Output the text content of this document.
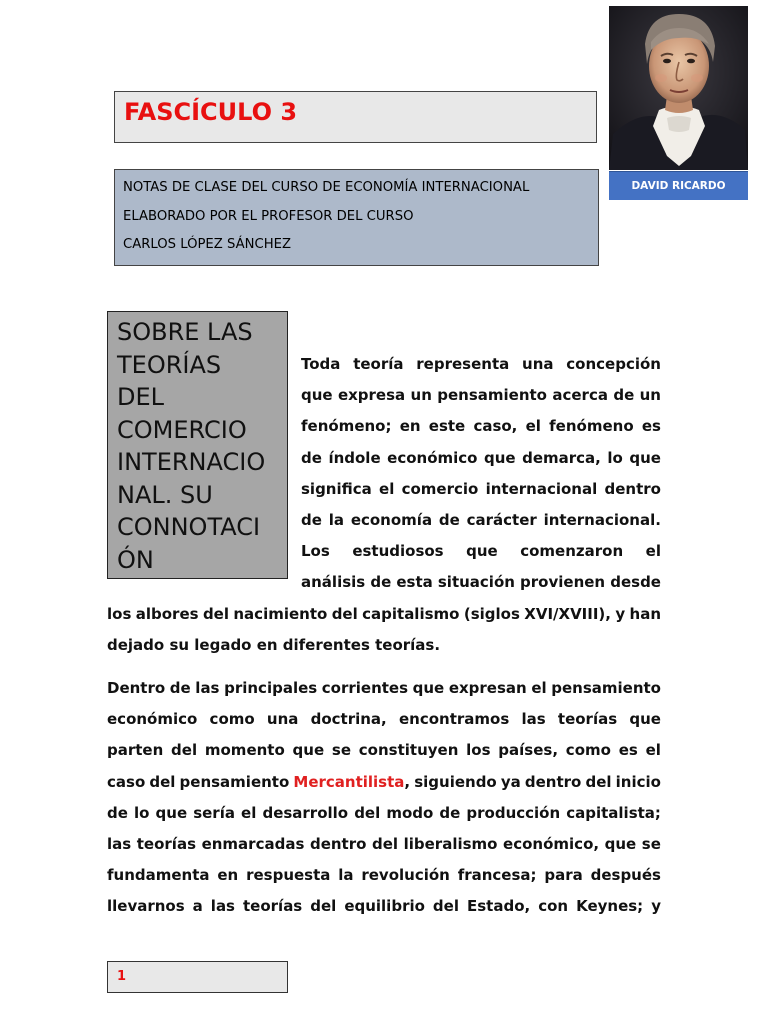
FASCÍCULO 3
NOTAS DE CLASE DEL CURSO DE ECONOMÍA INTERNACIONAL
ELABORADO POR EL PROFESOR DEL CURSO
CARLOS LÓPEZ SÁNCHEZ
DAVID RICARDO
SOBRE LAS
TEORÍAS
DEL
COMERCIO
INTERNACIO
NAL. SU
CONNOTACI
ÓN
Toda teoría representa una concepción
que expresa un pensamiento acerca de un
fenómeno; en este caso, el fenómeno es
de índole económico que demarca, lo que
significa el comercio internacional dentro
de la economía de carácter internacional.
Los estudiosos que comenzaron el
análisis de esta situación provienen desde
los albores del nacimiento del capitalismo (siglos XVI/XVIII), y han
dejado su legado en diferentes teorías.
Dentro de las principales corrientes que expresan el pensamiento
económico como una doctrina, encontramos las teorías que
parten del momento que se constituyen los países, como es el
caso del pensamiento Mercantilista, siguiendo ya dentro del inicio
de lo que sería el desarrollo del modo de producción capitalista;
las teorías enmarcadas dentro del liberalismo económico, que se
fundamenta en respuesta la revolución francesa; para después
llevarnos a las teorías del equilibrio del Estado, con Keynes; y
1
